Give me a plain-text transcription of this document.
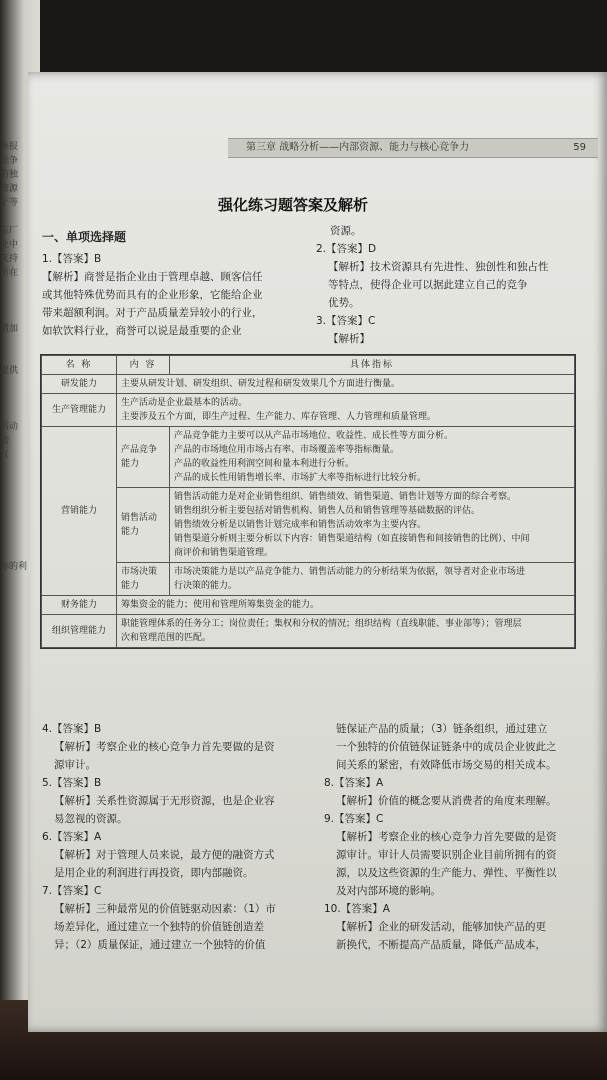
务报
竞争
的独
资源
于等
东厂
业中
支持
所在
、
增加
提供
活动
动
（
你的利
第三章 战略分析——内部资源、能力与核心竞争力	59
强化练习题答案及解析

一、单项选择题

1.【答案】B

【解析】商誉是指企业由于管理卓越、顾客信任

或其他特殊优势而具有的企业形象，它能给企业

带来超额利润。对于产品质量差异较小的行业，

如软饮料行业，商誉可以说是最重要的企业

资源。

2.【答案】D

【解析】技术资源具有先进性、独创性和独占性

等特点，使得企业可以据此建立自己的竞争

优势。

3.【答案】C

【解析】

名 称	内 容	具体指标
研发能力	主要从研发计划、研发组织、研发过程和研发效果几个方面进行衡量。	
生产管理能力	生产活动是企业最基本的活动。
主要涉及五个方面，即生产过程、生产能力、库存管理、人力管理和质量管理。	

营销能力	产品竞争能力	产品竞争能力主要可以从产品市场地位、收益性、成长性等方面分析。
产品的市场地位用市场占有率、市场覆盖率等指标衡量。
产品的收益性用利润空间和量本利进行分析。
产品的成长性用销售增长率、市场扩大率等指标进行比较分析。

	销售活动能力	销售活动能力是对企业销售组织、销售绩效、销售渠道、销售计划等方面的综合考察。
销售组织分析主要包括对销售机构、销售人员和销售管理等基础数据的评估。
销售绩效分析是以销售计划完成率和销售活动效率为主要内容。
销售渠道分析则主要分析以下内容：销售渠道结构（如直接销售和间接销售的比例）、中间
商评价和销售渠道管理。

	市场决策能力	市场决策能力是以产品竞争能力、销售活动能力的分析结果为依据，领导者对企业市场进
行决策的能力。

财务能力	筹集资金的能力；使用和管理所筹集资金的能力。	
组织管理能力	职能管理体系的任务分工；岗位责任；集权和分权的情况；组织结构（直线职能、事业部等）；管理层
次和管理范围的匹配。	

4.【答案】B

【解析】考察企业的核心竞争力首先要做的是资

源审计。

5.【答案】B

【解析】关系性资源属于无形资源，也是企业容

易忽视的资源。

6.【答案】A

【解析】对于管理人员来说，最方便的融资方式

是用企业的利润进行再投资，即内部融资。

7.【答案】C

【解析】三种最常见的价值链驱动因素：（1）市

场差异化，通过建立一个独特的价值链创造差

异；（2）质量保证，通过建立一个独特的价值

链保证产品的质量；（3）链条组织，通过建立

一个独特的价值链保证链条中的成员企业彼此之

间关系的紧密，有效降低市场交易的相关成本。

8.【答案】A

【解析】价值的概念要从消费者的角度来理解。

9.【答案】C

【解析】考察企业的核心竞争力首先要做的是资

源审计。审计人员需要识别企业目前所拥有的资

源，以及这些资源的生产能力、弹性、平衡性以

及对内部环境的影响。

10.【答案】A

【解析】企业的研发活动，能够加快产品的更

新换代，不断提高产品质量，降低产品成本，
